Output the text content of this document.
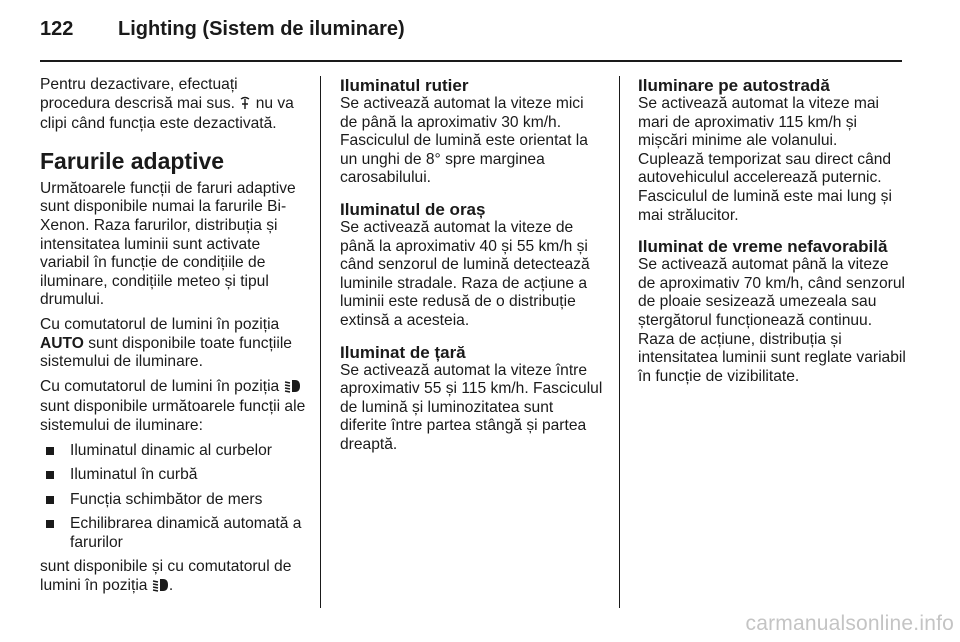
122 Lighting (Sistem de iluminare)

Pentru dezactivare, efectuați procedura descrisă mai sus. nu va clipi când funcția este dezactivată.

Farurile adaptive

Următoarele funcții de faruri adaptive sunt disponibile numai la farurile Bi-Xenon. Raza farurilor, distribuția și intensitatea luminii sunt activate variabil în funcție de condițiile de iluminare, condițiile meteo și tipul drumului.

Cu comutatorul de lumini în poziția AUTO sunt disponibile toate funcțiile sistemului de iluminare.

Cu comutatorul de lumini în poziția  sunt disponibile următoarele funcții ale sistemului de iluminare:

Iluminatul dinamic al curbelor
Iluminatul în curbă
Funcția schimbător de mers
Echilibrarea dinamică automată a farurilor

sunt disponibile și cu comutatorul de lumini în poziția .

Iluminatul rutier

Se activează automat la viteze mici de până la aproximativ 30 km/h. Fasciculul de lumină este orientat la un unghi de 8° spre marginea carosabilului.

Iluminatul de oraș

Se activează automat la viteze de până la aproximativ 40 și 55 km/h și când senzorul de lumină detectează luminile stradale. Raza de acțiune a luminii este redusă de o distribuție extinsă a acesteia.

Iluminat de țară

Se activează automat la viteze între aproximativ 55 și 115 km/h. Fasciculul de lumină și luminozitatea sunt diferite între partea stângă și partea dreaptă.

Iluminare pe autostradă

Se activează automat la viteze mai mari de aproximativ 115 km/h și mișcări minime ale volanului. Cuplează temporizat sau direct când autovehiculul accelerează puternic. Fasciculul de lumină este mai lung și mai strălucitor.

Iluminat de vreme nefavorabilă

Se activează automat până la viteze de aproximativ 70 km/h, când senzorul de ploaie sesizează umezeala sau ștergătorul funcționează continuu. Raza de acțiune, distribuția și intensitatea luminii sunt reglate variabil în funcție de vizibilitate.

carmanualsonline.info
